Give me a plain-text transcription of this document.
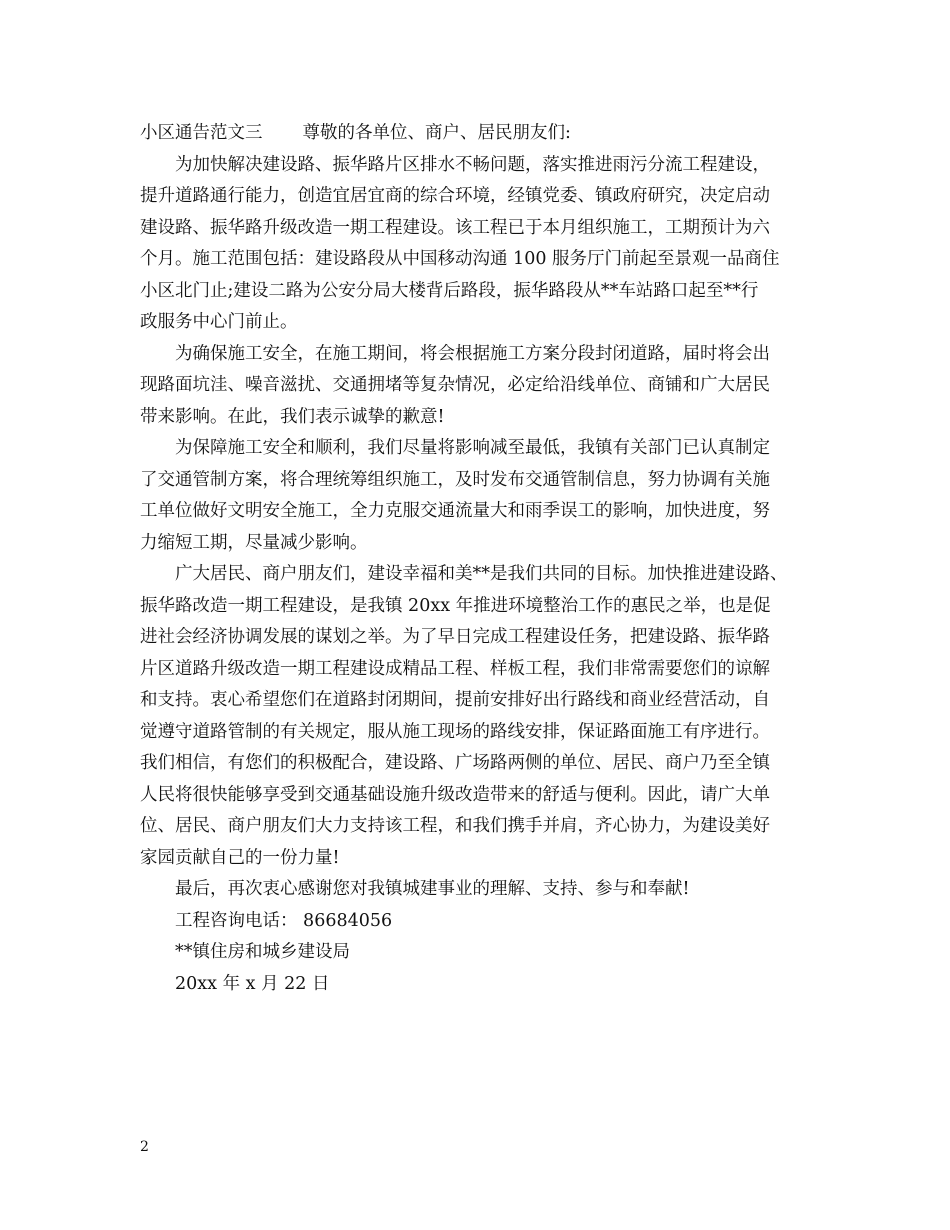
小区通告范文三 尊敬的各单位、商户、居民朋友们:
为加快解决建设路、振华路片区排水不畅问题，落实推进雨污分流工程建设，
提升道路通行能力，创造宜居宜商的综合环境，经镇党委、镇政府研究，决定启动
建设路、振华路升级改造一期工程建设。该工程已于本月组织施工，工期预计为六
个月。施工范围包括：建设路段从中国移动沟通 100 服务厅门前起至景观一品商住
小区北门止;建设二路为公安分局大楼背后路段，振华路段从**车站路口起至**行
政服务中心门前止。
为确保施工安全，在施工期间，将会根据施工方案分段封闭道路，届时将会出
现路面坑洼、噪音滋扰、交通拥堵等复杂情况，必定给沿线单位、商铺和广大居民
带来影响。在此，我们表示诚挚的歉意!
为保障施工安全和顺利，我们尽量将影响减至最低，我镇有关部门已认真制定
了交通管制方案，将合理统筹组织施工，及时发布交通管制信息，努力协调有关施
工单位做好文明安全施工，全力克服交通流量大和雨季误工的影响，加快进度，努
力缩短工期，尽量减少影响。
广大居民、商户朋友们，建设幸福和美**是我们共同的目标。加快推进建设路、
振华路改造一期工程建设，是我镇 20xx 年推进环境整治工作的惠民之举，也是促
进社会经济协调发展的谋划之举。为了早日完成工程建设任务，把建设路、振华路
片区道路升级改造一期工程建设成精品工程、样板工程，我们非常需要您们的谅解
和支持。衷心希望您们在道路封闭期间，提前安排好出行路线和商业经营活动，自
觉遵守道路管制的有关规定，服从施工现场的路线安排，保证路面施工有序进行。
我们相信，有您们的积极配合，建设路、广场路两侧的单位、居民、商户乃至全镇
人民将很快能够享受到交通基础设施升级改造带来的舒适与便利。因此，请广大单
位、居民、商户朋友们大力支持该工程，和我们携手并肩，齐心协力，为建设美好
家园贡献自己的一份力量!
最后，再次衷心感谢您对我镇城建事业的理解、支持、参与和奉献!
工程咨询电话： 86684056
**镇住房和城乡建设局
20xx 年 x 月 22 日
2
